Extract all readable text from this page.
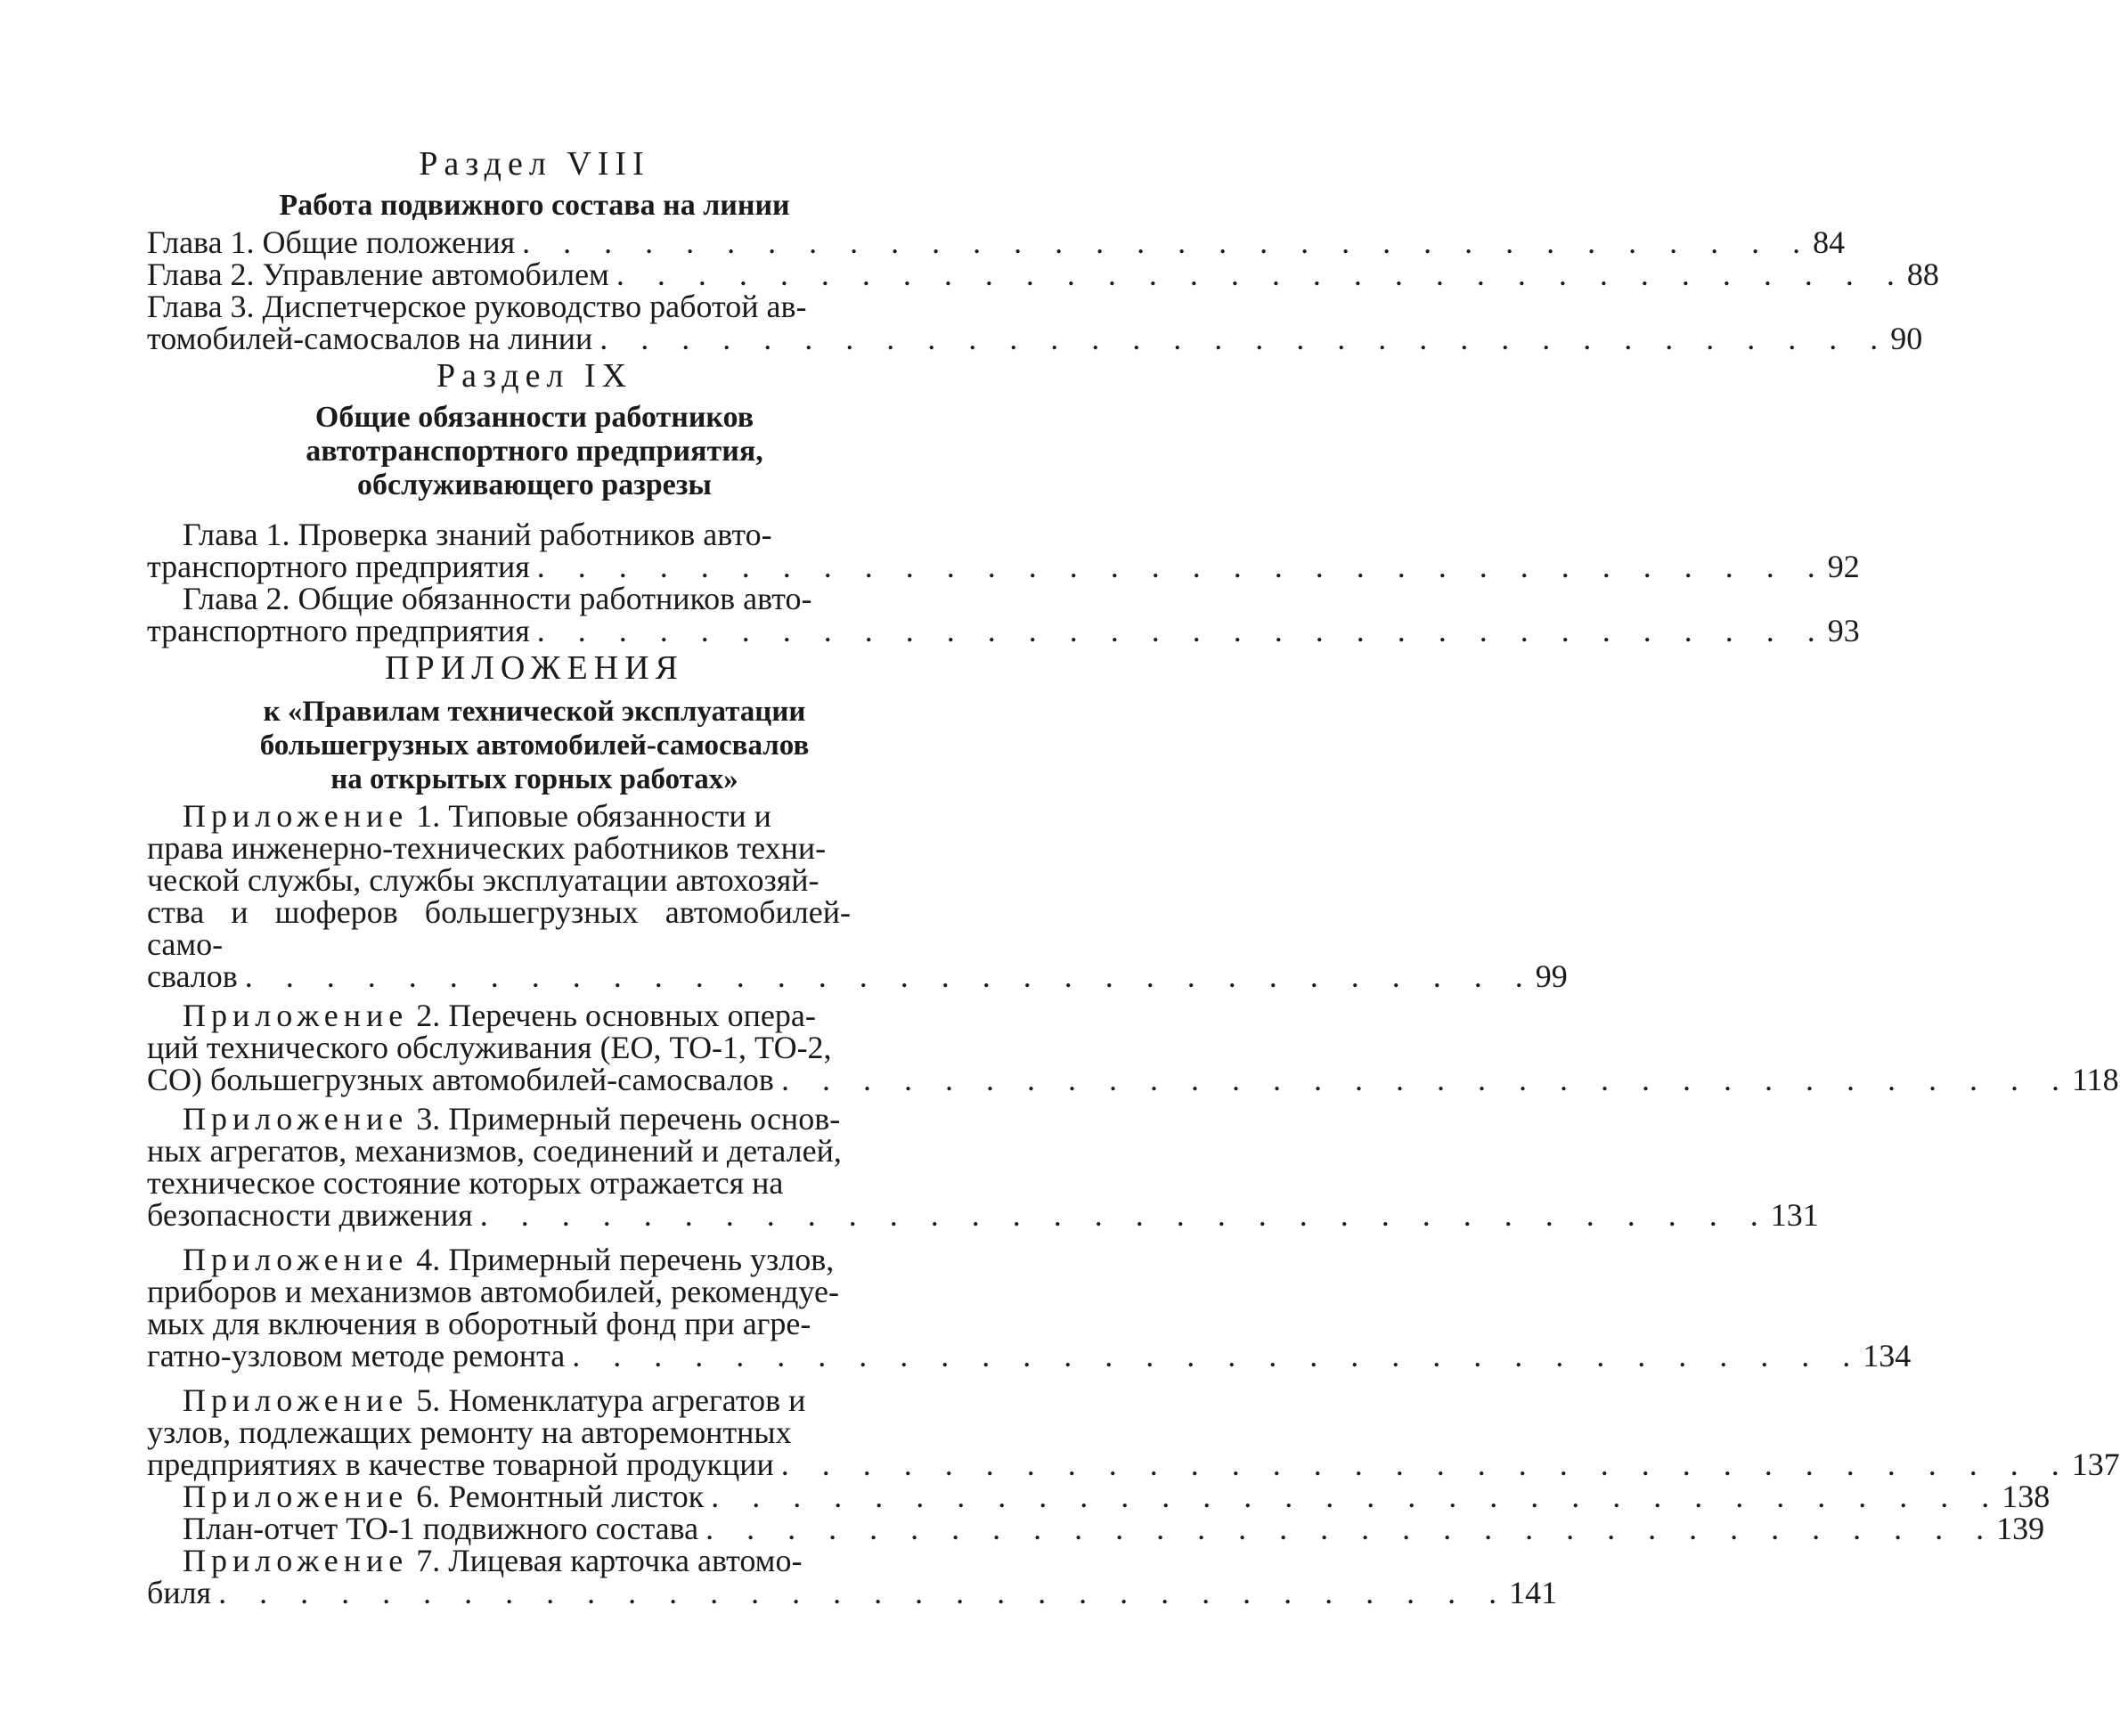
Раздел VIII
Работа подвижного состава на линии
Глава 1. Общие положения . . . . . . . . . . . . . . . . . . . . . . . . . . . . . . . . 84
Глава 2. Управление автомобилем . . . . . . . . . . . . . . . . . . . . . . . . . . . . . . . . 88
Глава 3. Диспетчерское руководство работой ав-
томобилей-самосвалов на линии . . . . . . . . . . . . . . . . . . . . . . . . . . . . . . . . 90
Раздел IX
Общие обязанности работников
автотранспортного предприятия,
обслуживающего разрезы
Глава 1. Проверка знаний работников авто-
транспортного предприятия . . . . . . . . . . . . . . . . . . . . . . . . . . . . . . . . 92
Глава 2. Общие обязанности работников авто-
транспортного предприятия . . . . . . . . . . . . . . . . . . . . . . . . . . . . . . . . 93
ПРИЛОЖЕНИЯ
к «Правилам технической эксплуатации
большегрузных автомобилей-самосвалов
на открытых горных работах»
Приложение 1. Типовые обязанности и
права инженерно-технических работников техни-
ческой службы, службы эксплуатации автохозяй-
ства и шоферов большегрузных автомобилей-само-
свалов . . . . . . . . . . . . . . . . . . . . . . . . . . . . . . . . 99
Приложение 2. Перечень основных опера-
ций технического обслуживания (ЕО, ТО-1, ТО-2,
СО) большегрузных автомобилей-самосвалов . . . . . . . . . . . . . . . . . . . . . . . . . . . . . . . . 118
Приложение 3. Примерный перечень основ-
ных агрегатов, механизмов, соединений и деталей,
техническое состояние которых отражается на
безопасности движения . . . . . . . . . . . . . . . . . . . . . . . . . . . . . . . . 131
Приложение 4. Примерный перечень узлов,
приборов и механизмов автомобилей, рекомендуе-
мых для включения в оборотный фонд при агре-
гатно-узловом методе ремонта . . . . . . . . . . . . . . . . . . . . . . . . . . . . . . . . 134
Приложение 5. Номенклатура агрегатов и
узлов, подлежащих ремонту на авторемонтных
предприятиях в качестве товарной продукции . . . . . . . . . . . . . . . . . . . . . . . . . . . . . . . . 137
Приложение 6. Ремонтный листок . . . . . . . . . . . . . . . . . . . . . . . . . . . . . . . . 138
План-отчет ТО-1 подвижного состава . . . . . . . . . . . . . . . . . . . . . . . . . . . . . . . . 139
Приложение 7. Лицевая карточка автомо-
биля . . . . . . . . . . . . . . . . . . . . . . . . . . . . . . . . 141
